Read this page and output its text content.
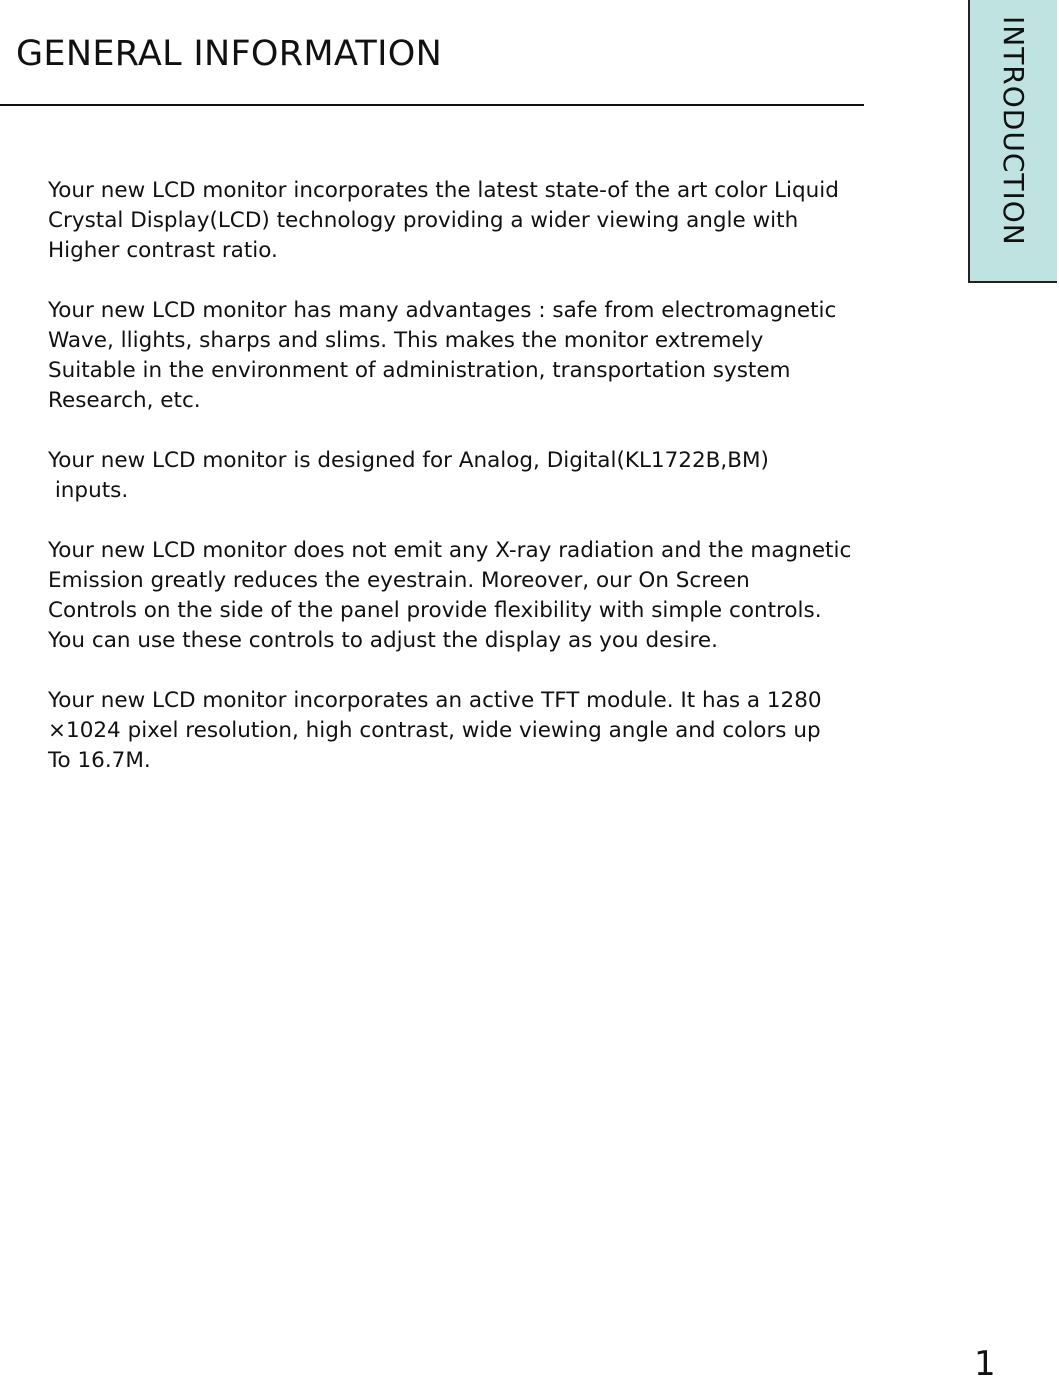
GENERAL INFORMATION	INTRODUCTION

Your new LCD monitor incorporates the latest state-of the art color Liquid
Crystal Display(LCD) technology providing a wider viewing angle with
Higher contrast ratio.

Your new LCD monitor has many advantages : safe from electromagnetic
Wave, llights, sharps and slims. This makes the monitor extremely
Suitable in the environment of administration, transportation system
Research, etc.

Your new LCD monitor is designed for Analog, Digital(KL1722B,BM)
inputs.

Your new LCD monitor does not emit any X-ray radiation and the magnetic
Emission greatly reduces the eyestrain. Moreover, our On Screen
Controls on the side of the panel provide flexibility with simple controls.
You can use these controls to adjust the display as you desire.

Your new LCD monitor incorporates an active TFT module. It has a 1280
×1024 pixel resolution, high contrast, wide viewing angle and colors up
To 16.7M.

1
